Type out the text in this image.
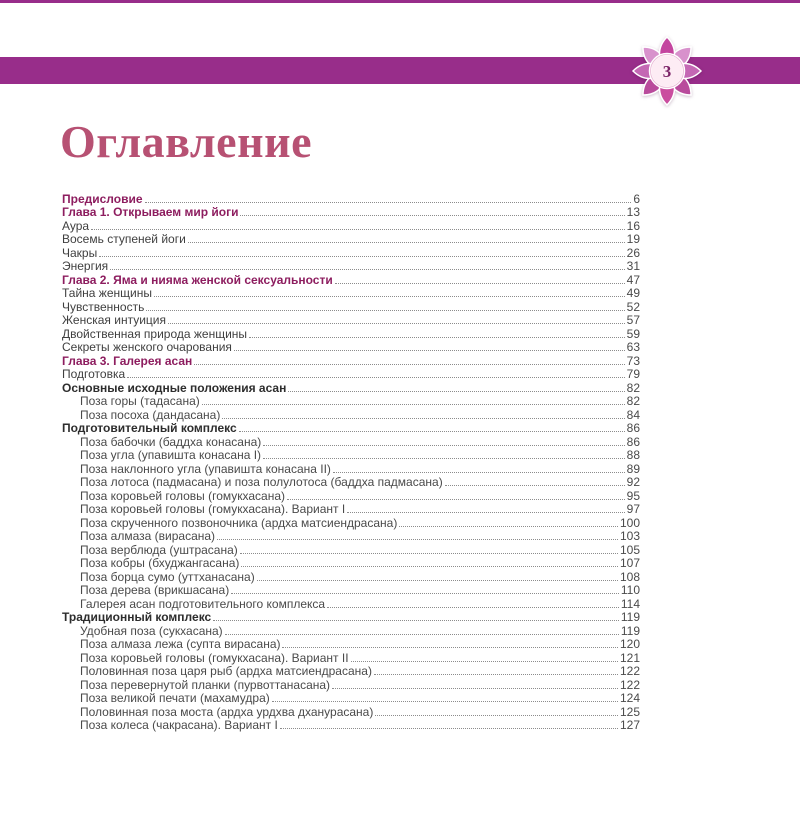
ОГЛАВЛЕНИЕ
3
Оглавление
Предисловие	6
Глава 1. Открываем мир йоги	13
Аура	16
Восемь ступеней йоги	19
Чакры	26
Энергия	31
Глава 2. Яма и нияма женской сексуальности	47
Тайна женщины	49
Чувственность	52
Женская интуиция	57
Двойственная природа женщины	59
Секреты женского очарования	63
Глава 3. Галерея асан	73
Подготовка	79
Основные исходные положения асан	82
Поза горы (тадасана)	82
Поза посоха (дандасана)	84
Подготовительный комплекс	86
Поза бабочки (баддха конасана)	86
Поза угла (упавишта конасана I)	88
Поза наклонного угла (упавишта конасана II)	89
Поза лотоса (падмасана) и поза полулотоса (баддха падмасана)	92
Поза коровьей головы (гомукхасана)	95
Поза коровьей головы (гомукхасана). Вариант I	97
Поза скрученного позвоночника (ардха матсиендрасана)	100
Поза алмаза (вирасана)	103
Поза верблюда (уштрасана)	105
Поза кобры (бхуджангасана)	107
Поза борца сумо (уттханасана)	108
Поза дерева (врикшасана)	110
Галерея асан подготовительного комплекса	114
Традиционный комплекс	119
Удобная поза (сукхасана)	119
Поза алмаза лежа (супта вирасана)	120
Поза коровьей головы (гомукхасана). Вариант II	121
Половинная поза царя рыб (ардха матсиендрасана)	122
Поза перевернутой планки (пурвоттанасана)	122
Поза великой печати (махамудра)	124
Половинная поза моста (ардха урдхва дханурасана)	125
Поза колеса (чакрасана). Вариант I	127
